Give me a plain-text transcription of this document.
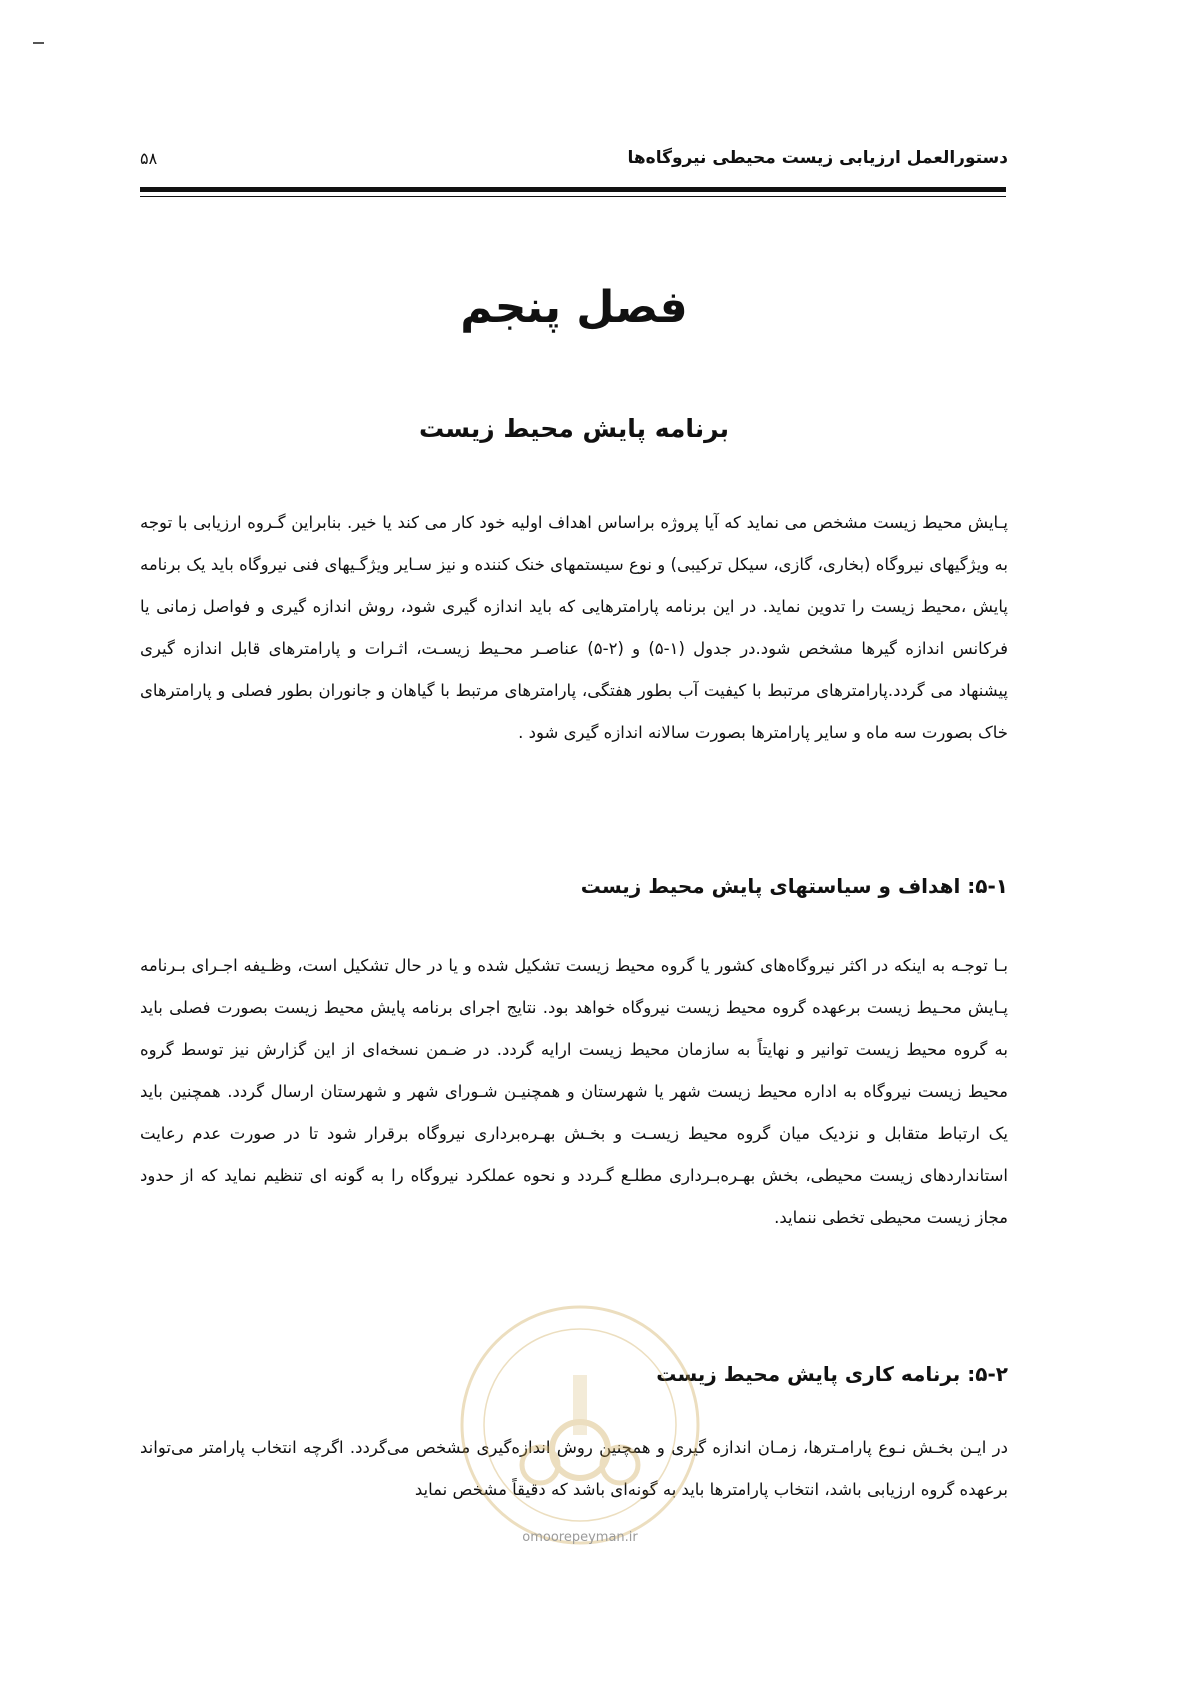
دستورالعمل ارزیابی زیست محیطی نیروگاه‌ها
۵۸
فصل پنجم
برنامه پایش محیط زیست
پـایش محیط زیست مشخص می نماید که آیا پروژه براساس اهداف اولیه خود کار می کند یا خیر. بنابراین گـروه ارزیابی با توجه به ویژگیهای نیروگاه (بخاری، گازی، سیکل ترکیبی) و نوع سیستمهای خنک کننده و نیز سـایر ویژگـیهای فنی نیروگاه باید یک برنامه پایش ،محیط زیست را تدوین نماید. در این برنامه پارامترهایی که باید اندازه گیری شود، روش اندازه گیری و فواصل زمانی یا فرکانس اندازه گیرها مشخص شود.در جدول (۱-۵) و (۲-۵) عناصـر محـیط زیسـت، اثـرات و پارامترهای قابل اندازه گیری پیشنهاد می گردد.پارامترهای مرتبط با کیفیت آب بطور هفتگی، پارامترهای مرتبط با گیاهان و جانوران بطور فصلی و پارامترهای خاک بصورت سه ماه و سایر پارامترها بصورت سالانه اندازه گیری شود .
۵-۱: اهداف و سیاستهای پایش محیط زیست
بـا توجـه به اینکه در اکثر نیروگاه‌های کشور یا گروه محیط زیست تشکیل شده و یا در حال تشکیل است، وظـیفه اجـرای بـرنامه پـایش محـیط زیست برعهده گروه محیط زیست نیروگاه خواهد بود. نتایج اجرای برنامه پایش محیط زیست بصورت فصلی باید به گروه محیط زیست توانیر و نهایتاً به سازمان محیط زیست ارایه گردد. در ضـمن نسخه‌ای از این گزارش نیز توسط گروه محیط زیست نیروگاه به اداره محیط زیست شهر یا شهرستان و همچنیـن شـورای شهر و شهرستان ارسال گردد. همچنین باید یک ارتباط متقابل و نزدیک میان گروه محیط زیسـت و بخـش بهـره‌برداری نیروگاه برقرار شود تا در صورت عدم رعایت استانداردهای زیست محیطی، بخش بهـره‌بـرداری مطلـع گـردد و نحوه عملکرد نیروگاه را به گونه ای تنظیم نماید که از حدود مجاز زیست محیطی تخطی ننماید.
۵-۲: برنامه کاری پایش محیط زیست
در ایـن بخـش نـوع پارامـترها، زمـان اندازه گیری و همچنین روش اندازه‌گیری مشخص می‌گردد. اگرچه انتخاب پارامتر می‌تواند برعهده گروه ارزیابی باشد، انتخاب پارامترها باید به گونه‌ای باشد که دقیقاً مشخص نماید
omoorepeyman.ir
